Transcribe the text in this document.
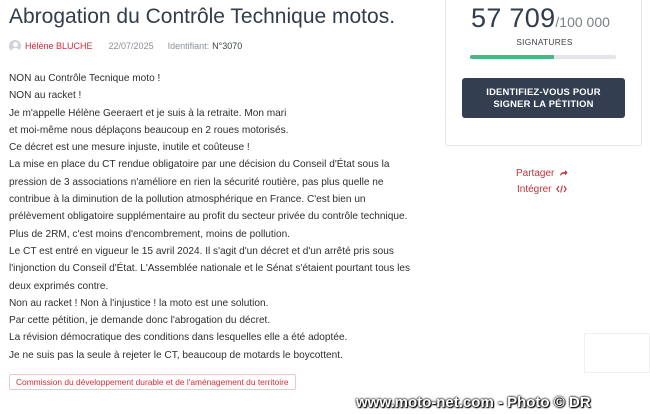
Abrogation du Contrôle Technique motos.
Hélène BLUCHE 22/07/2025 Identifiant: N°3070
NON au Contrôle Tecnique moto !
NON au racket !
Je m'appelle Hélène Geeraert et je suis à la retraite. Mon mari
et moi-même nous déplaçons beaucoup en 2 roues motorisés.
Ce décret est une mesure injuste, inutile et coûteuse !
La mise en place du CT rendue obligatoire par une décision du Conseil d'État sous la
pression de 3 associations n'améliore en rien la sécurité routière, pas plus quelle ne
contribue à la diminution de la pollution atmosphérique en France. C'est bien un
prélèvement obligatoire supplémentaire au profit du secteur privée du contrôle technique.
Plus de 2RM, c'est moins d'encombrement, moins de pollution.
Le CT est entré en vigueur le 15 avril 2024. Il s'agit d'un décret et d'un arrêté pris sous
l'injonction du Conseil d'État. L'Assemblée nationale et le Sénat s'étaient pourtant tous les
deux exprimés contre.
Non au racket ! Non à l'injustice ! la moto est une solution.
Par cette pétition, je demande donc l'abrogation du décret.
La révision démocratique des conditions dans lesquelles elle a été adoptée.
Je ne suis pas la seule à rejeter le CT, beaucoup de motards le boycottent.
Commission du développement durable et de l'aménagement du territoire
57 709/100 000
SIGNATURES
IDENTIFIEZ-VOUS POUR
SIGNER LA PÉTITION
Partager
Intégrer
www.moto-net.com - Photo © DR
